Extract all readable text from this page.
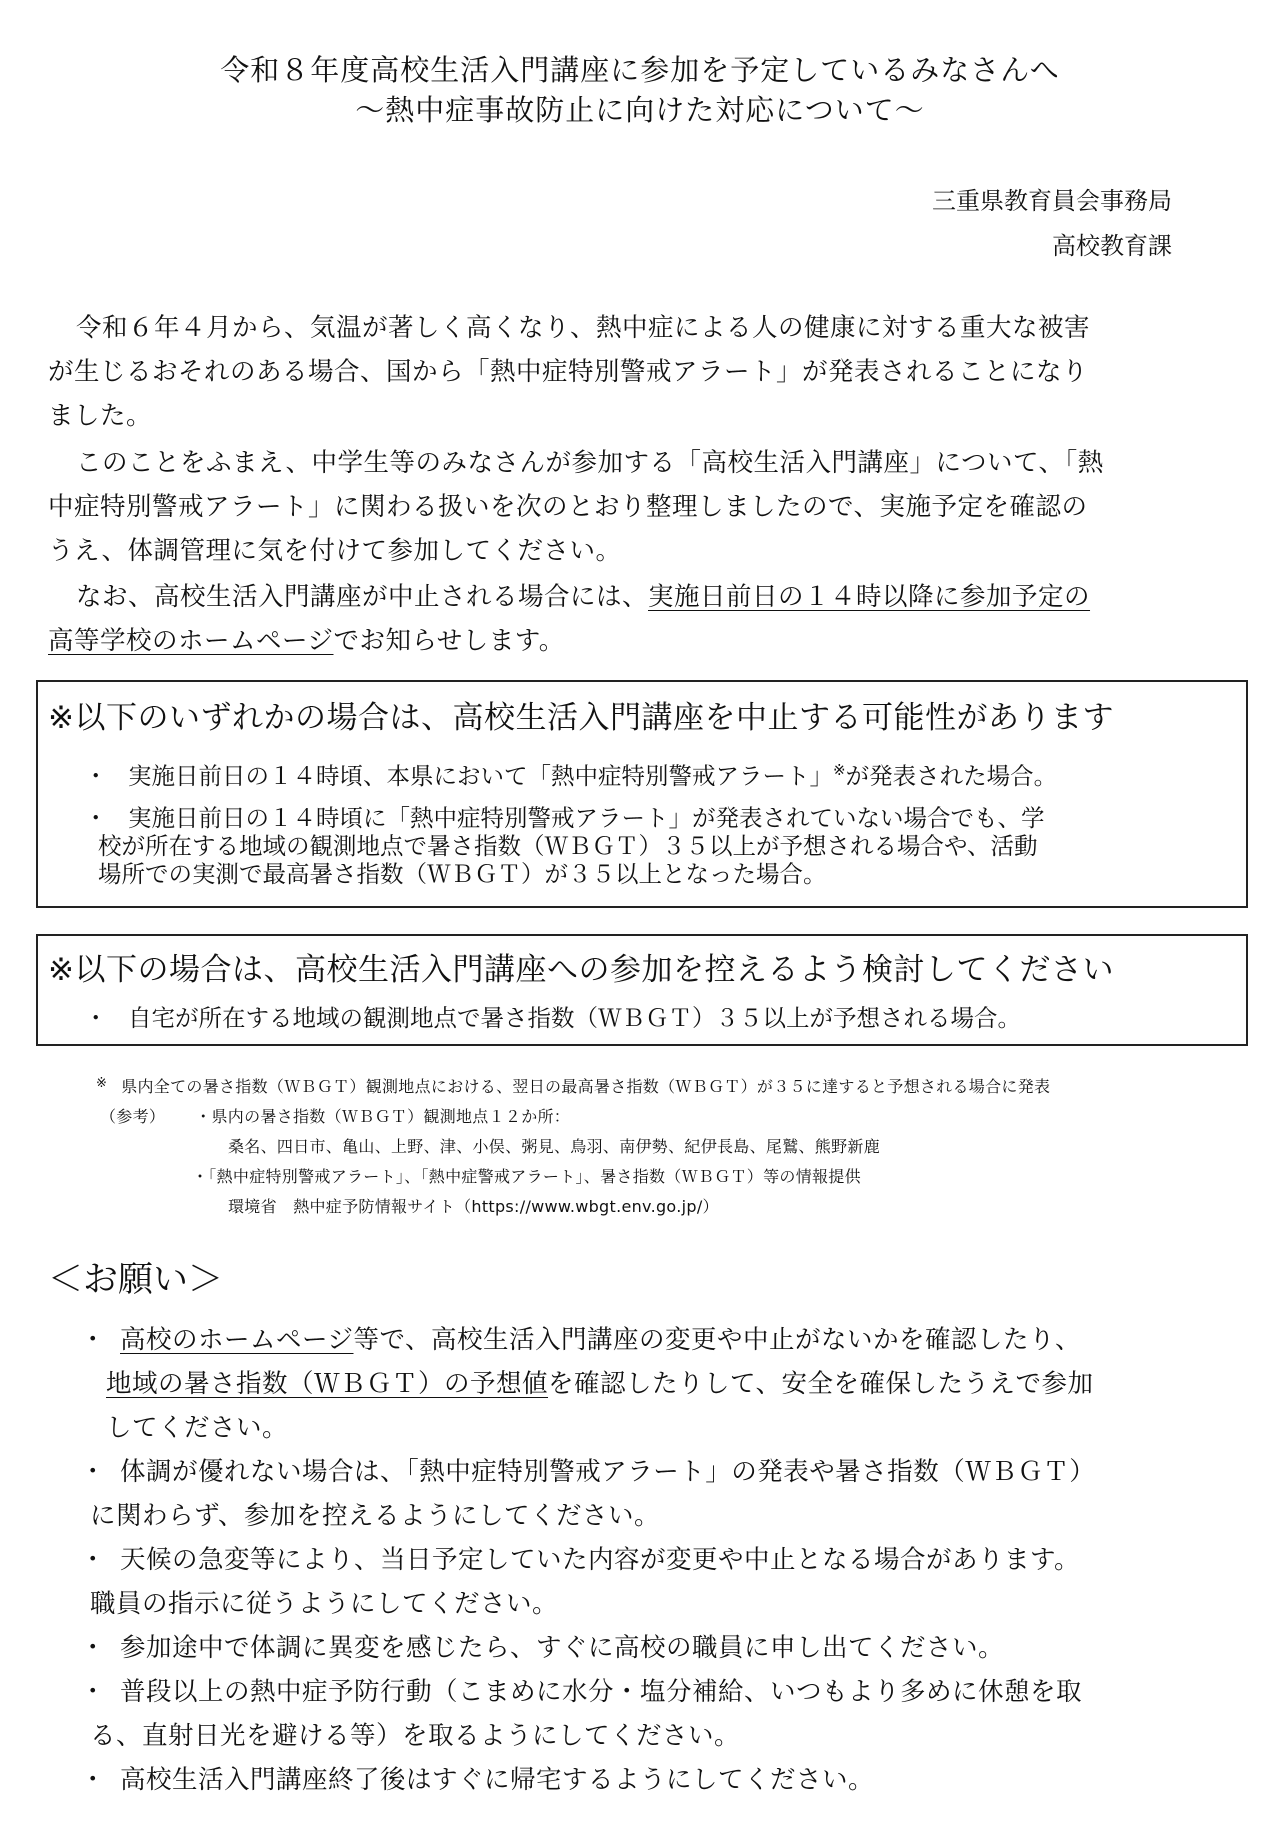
令和８年度高校生活入門講座に参加を予定しているみなさんへ
～熱中症事故防止に向けた対応について～
三重県教育員会事務局
高校教育課
令和６年４月から、気温が著しく高くなり、熱中症による人の健康に対する重大な被害
が生じるおそれのある場合、国から「熱中症特別警戒アラート」が発表されることになり
ました。
このことをふまえ、中学生等のみなさんが参加する「高校生活入門講座」について、「熱
中症特別警戒アラート」に関わる扱いを次のとおり整理しましたので、実施予定を確認の
うえ、体調管理に気を付けて参加してください。
なお、高校生活入門講座が中止される場合には、実施日前日の１４時以降に参加予定の
高等学校のホームページでお知らせします。
※以下のいずれかの場合は、高校生活入門講座を中止する可能性があります
・ 実施日前日の１４時頃、本県において「熱中症特別警戒アラート」※が発表された場合。
・ 実施日前日の１４時頃に「熱中症特別警戒アラート」が発表されていない場合でも、学
校が所在する地域の観測地点で暑さ指数（ＷＢＧＴ）３５以上が予想される場合や、活動
場所での実測で最高暑さ指数（ＷＢＧＴ）が３５以上となった場合。
※以下の場合は、高校生活入門講座への参加を控えるよう検討してください
・ 自宅が所在する地域の観測地点で暑さ指数（ＷＢＧＴ）３５以上が予想される場合。
※ 県内全ての暑さ指数（ＷＢＧＴ）観測地点における、翌日の最高暑さ指数（ＷＢＧＴ）が３５に達すると予想される場合に発表
（参考） ・県内の暑さ指数（ＷＢＧＴ）観測地点１２か所：
桑名、四日市、亀山、上野、津、小俣、粥見、鳥羽、南伊勢、紀伊長島、尾鷲、熊野新鹿
・「熱中症特別警戒アラート」、「熱中症警戒アラート」、暑さ指数（ＷＢＧＴ）等の情報提供
環境省　熱中症予防情報サイト（https://www.wbgt.env.go.jp/）
＜お願い＞
・ 高校のホームページ等で、高校生活入門講座の変更や中止がないかを確認したり、
地域の暑さ指数（ＷＢＧＴ）の予想値を確認したりして、安全を確保したうえで参加
してください。
・ 体調が優れない場合は、「熱中症特別警戒アラート」の発表や暑さ指数（ＷＢＧＴ）
に関わらず、参加を控えるようにしてください。
・ 天候の急変等により、当日予定していた内容が変更や中止となる場合があります。
職員の指示に従うようにしてください。
・ 参加途中で体調に異変を感じたら、すぐに高校の職員に申し出てください。
・ 普段以上の熱中症予防行動（こまめに水分・塩分補給、いつもより多めに休憩を取
る、直射日光を避ける等）を取るようにしてください。
・ 高校生活入門講座終了後はすぐに帰宅するようにしてください。
